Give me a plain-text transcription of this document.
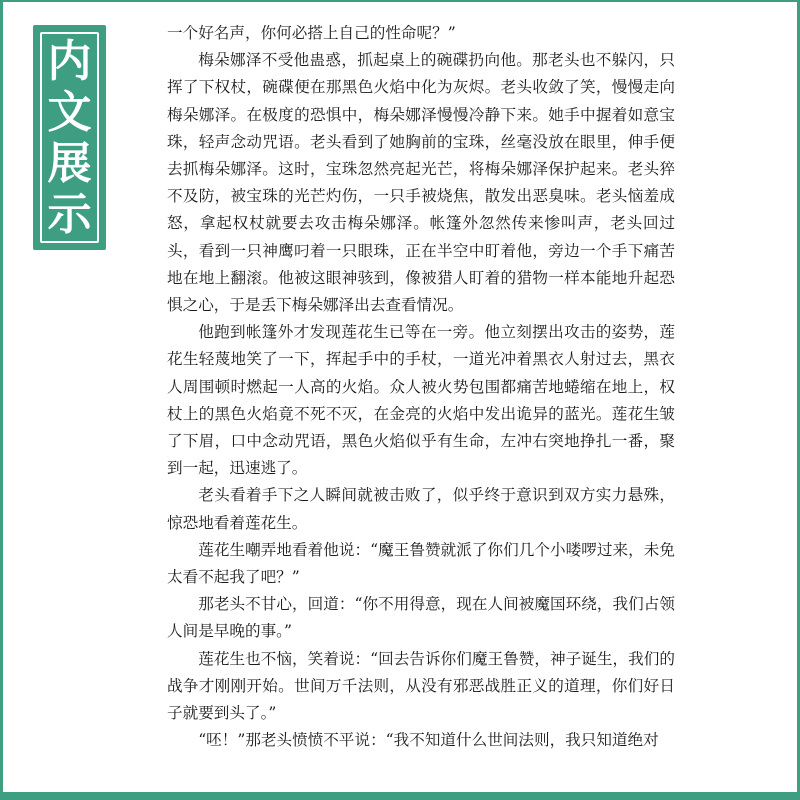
内
文
展
示

一个好名声，你何必搭上自己的性命呢？”

梅朵娜泽不受他蛊惑，抓起桌上的碗碟扔向他。那老头也不躲闪，只挥了下权杖，碗碟便在那黑色火焰中化为灰烬。老头收敛了笑，慢慢走向梅朵娜泽。在极度的恐惧中，梅朵娜泽慢慢冷静下来。她手中握着如意宝珠，轻声念动咒语。老头看到了她胸前的宝珠，丝毫没放在眼里，伸手便去抓梅朵娜泽。这时，宝珠忽然亮起光芒，将梅朵娜泽保护起来。老头猝不及防，被宝珠的光芒灼伤，一只手被烧焦，散发出恶臭味。老头恼羞成怒，拿起权杖就要去攻击梅朵娜泽。帐篷外忽然传来惨叫声，老头回过头，看到一只神鹰叼着一只眼珠，正在半空中盯着他，旁边一个手下痛苦地在地上翻滚。他被这眼神骇到，像被猎人盯着的猎物一样本能地升起恐惧之心，于是丢下梅朵娜泽出去查看情况。

他跑到帐篷外才发现莲花生已等在一旁。他立刻摆出攻击的姿势，莲花生轻蔑地笑了一下，挥起手中的手杖，一道光冲着黑衣人射过去，黑衣人周围顿时燃起一人高的火焰。众人被火势包围都痛苦地蜷缩在地上，权杖上的黑色火焰竟不死不灭，在金亮的火焰中发出诡异的蓝光。莲花生皱了下眉，口中念动咒语，黑色火焰似乎有生命，左冲右突地挣扎一番，聚到一起，迅速逃了。

老头看着手下之人瞬间就被击败了，似乎终于意识到双方实力悬殊，惊恐地看着莲花生。

莲花生嘲弄地看着他说：“魔王鲁赞就派了你们几个小喽啰过来，未免太看不起我了吧？”

那老头不甘心，回道：“你不用得意，现在人间被魔国环绕，我们占领人间是早晚的事。”

莲花生也不恼，笑着说：“回去告诉你们魔王鲁赞，神子诞生，我们的战争才刚刚开始。世间万千法则，从没有邪恶战胜正义的道理，你们好日子就要到头了。”

“呸！”那老头愤愤不平说：“我不知道什么世间法则，我只知道绝对
